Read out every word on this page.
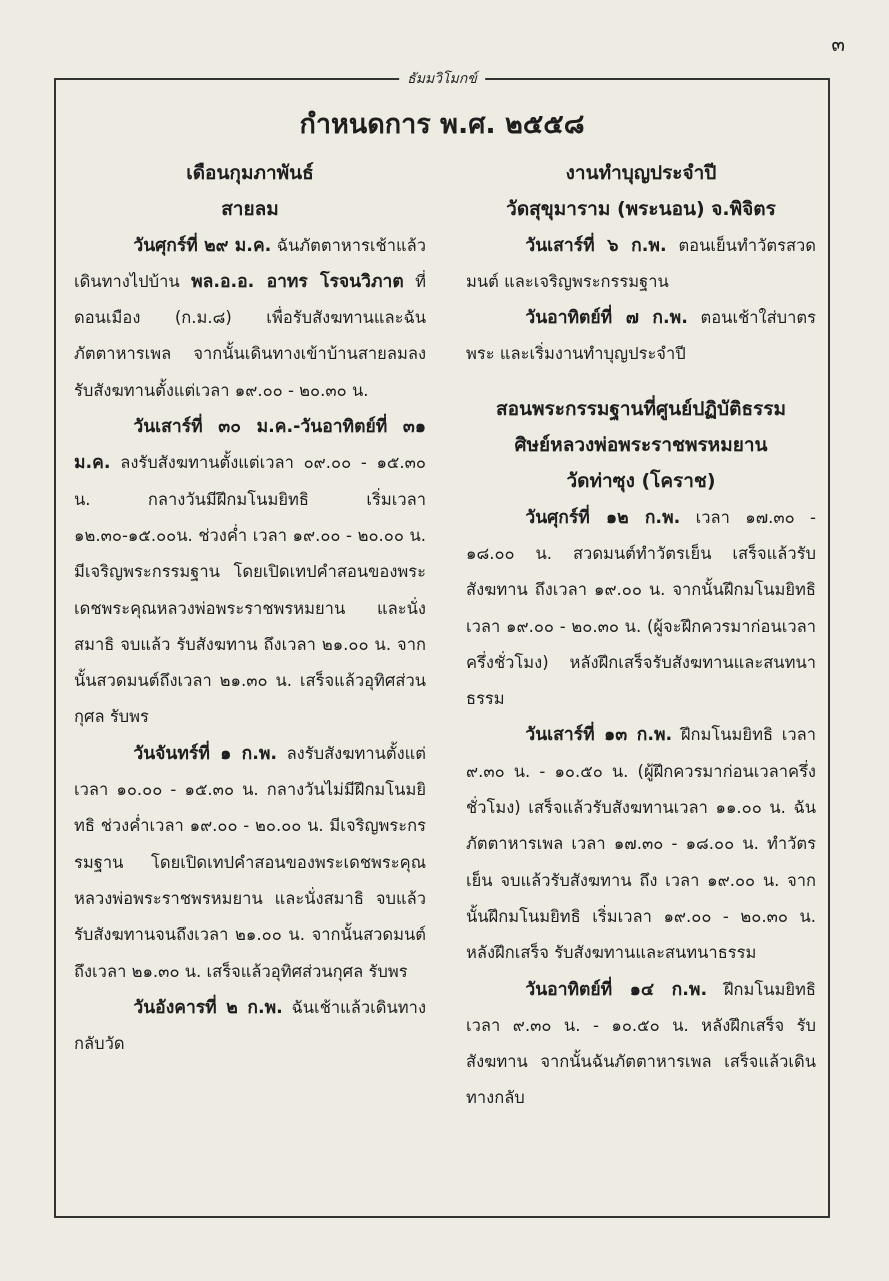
๓
ธัมมวิโมกข์
กำหนดการ พ.ศ. ๒๕๕๘

เดือนกุมภาพันธ์

สายลม

วันศุกร์ที่ ๒๙ ม.ค. ฉันภัตตาหารเช้าแล้วเดินทางไปบ้าน พล.อ.อ. อาทร โรจนวิภาต ที่ดอนเมือง (ก.ม.๘) เพื่อรับสังฆทานและฉันภัตตาหารเพล จากนั้นเดินทางเข้าบ้านสายลมลงรับสังฆทานตั้งแต่เวลา ๑๙.๐๐ - ๒๐.๓๐ น.

วันเสาร์ที่ ๓๐ ม.ค.-วันอาทิตย์ที่ ๓๑ ม.ค. ลงรับสังฆทานตั้งแต่เวลา ๐๙.๐๐ - ๑๕.๓๐ น. กลางวันมีฝึกมโนมยิทธิ เริ่มเวลา ๑๒.๓๐-๑๕.๐๐น. ช่วงค่ำ เวลา ๑๙.๐๐ - ๒๐.๐๐ น. มีเจริญพระกรรมฐาน โดยเปิดเทปคำสอนของพระเดชพระคุณหลวงพ่อพระราชพรหมยาน และนั่งสมาธิ จบแล้ว รับสังฆทาน ถึงเวลา ๒๑.๐๐ น. จากนั้นสวดมนต์ถึงเวลา ๒๑.๓๐ น. เสร็จแล้วอุทิศส่วนกุศล รับพร

วันจันทร์ที่ ๑ ก.พ. ลงรับสังฆทานตั้งแต่เวลา ๑๐.๐๐ - ๑๕.๓๐ น. กลางวันไม่มีฝึกมโนมยิทธิ ช่วงค่ำเวลา ๑๙.๐๐ - ๒๐.๐๐ น. มีเจริญพระกรรมฐาน โดยเปิดเทปคำสอนของพระเดชพระคุณหลวงพ่อพระราชพรหมยาน และนั่งสมาธิ จบแล้ว รับสังฆทานจนถึงเวลา ๒๑.๐๐ น. จากนั้นสวดมนต์ถึงเวลา ๒๑.๓๐ น. เสร็จแล้วอุทิศส่วนกุศล รับพร

วันอังคารที่ ๒ ก.พ. ฉันเช้าแล้วเดินทางกลับวัด

งานทำบุญประจำปี

วัดสุขุมาราม (พระนอน) จ.พิจิตร

วันเสาร์ที่ ๖ ก.พ. ตอนเย็นทำวัตรสวดมนต์ และเจริญพระกรรมฐาน

วันอาทิตย์ที่ ๗ ก.พ. ตอนเช้าใส่บาตรพระ และเริ่มงานทำบุญประจำปี

สอนพระกรรมฐานที่ศูนย์ปฏิบัติธรรม

ศิษย์หลวงพ่อพระราชพรหมยาน

วัดท่าซุง (โคราช)

วันศุกร์ที่ ๑๒ ก.พ. เวลา ๑๗.๓๐ - ๑๘.๐๐ น. สวดมนต์ทำวัตรเย็น เสร็จแล้วรับสังฆทาน ถึงเวลา ๑๙.๐๐ น. จากนั้นฝึกมโนมยิทธิ เวลา ๑๙.๐๐ - ๒๐.๓๐ น. (ผู้จะฝึกควรมาก่อนเวลาครึ่งชั่วโมง) หลังฝึกเสร็จรับสังฆทานและสนทนาธรรม

วันเสาร์ที่ ๑๓ ก.พ. ฝึกมโนมยิทธิ เวลา ๙.๓๐ น. - ๑๐.๕๐ น. (ผู้ฝึกควรมาก่อนเวลาครึ่งชั่วโมง) เสร็จแล้วรับสังฆทานเวลา ๑๑.๐๐ น. ฉันภัตตาหารเพล เวลา ๑๗.๓๐ - ๑๘.๐๐ น. ทำวัตรเย็น จบแล้วรับสังฆทาน ถึง เวลา ๑๙.๐๐ น. จากนั้นฝึกมโนมยิทธิ เริ่มเวลา ๑๙.๐๐ - ๒๐.๓๐ น. หลังฝึกเสร็จ รับสังฆทานและสนทนาธรรม

วันอาทิตย์ที่ ๑๔ ก.พ. ฝึกมโนมยิทธิ เวลา ๙.๓๐ น. - ๑๐.๕๐ น. หลังฝึกเสร็จ รับสังฆทาน จากนั้นฉันภัตตาหารเพล เสร็จแล้วเดินทางกลับ
